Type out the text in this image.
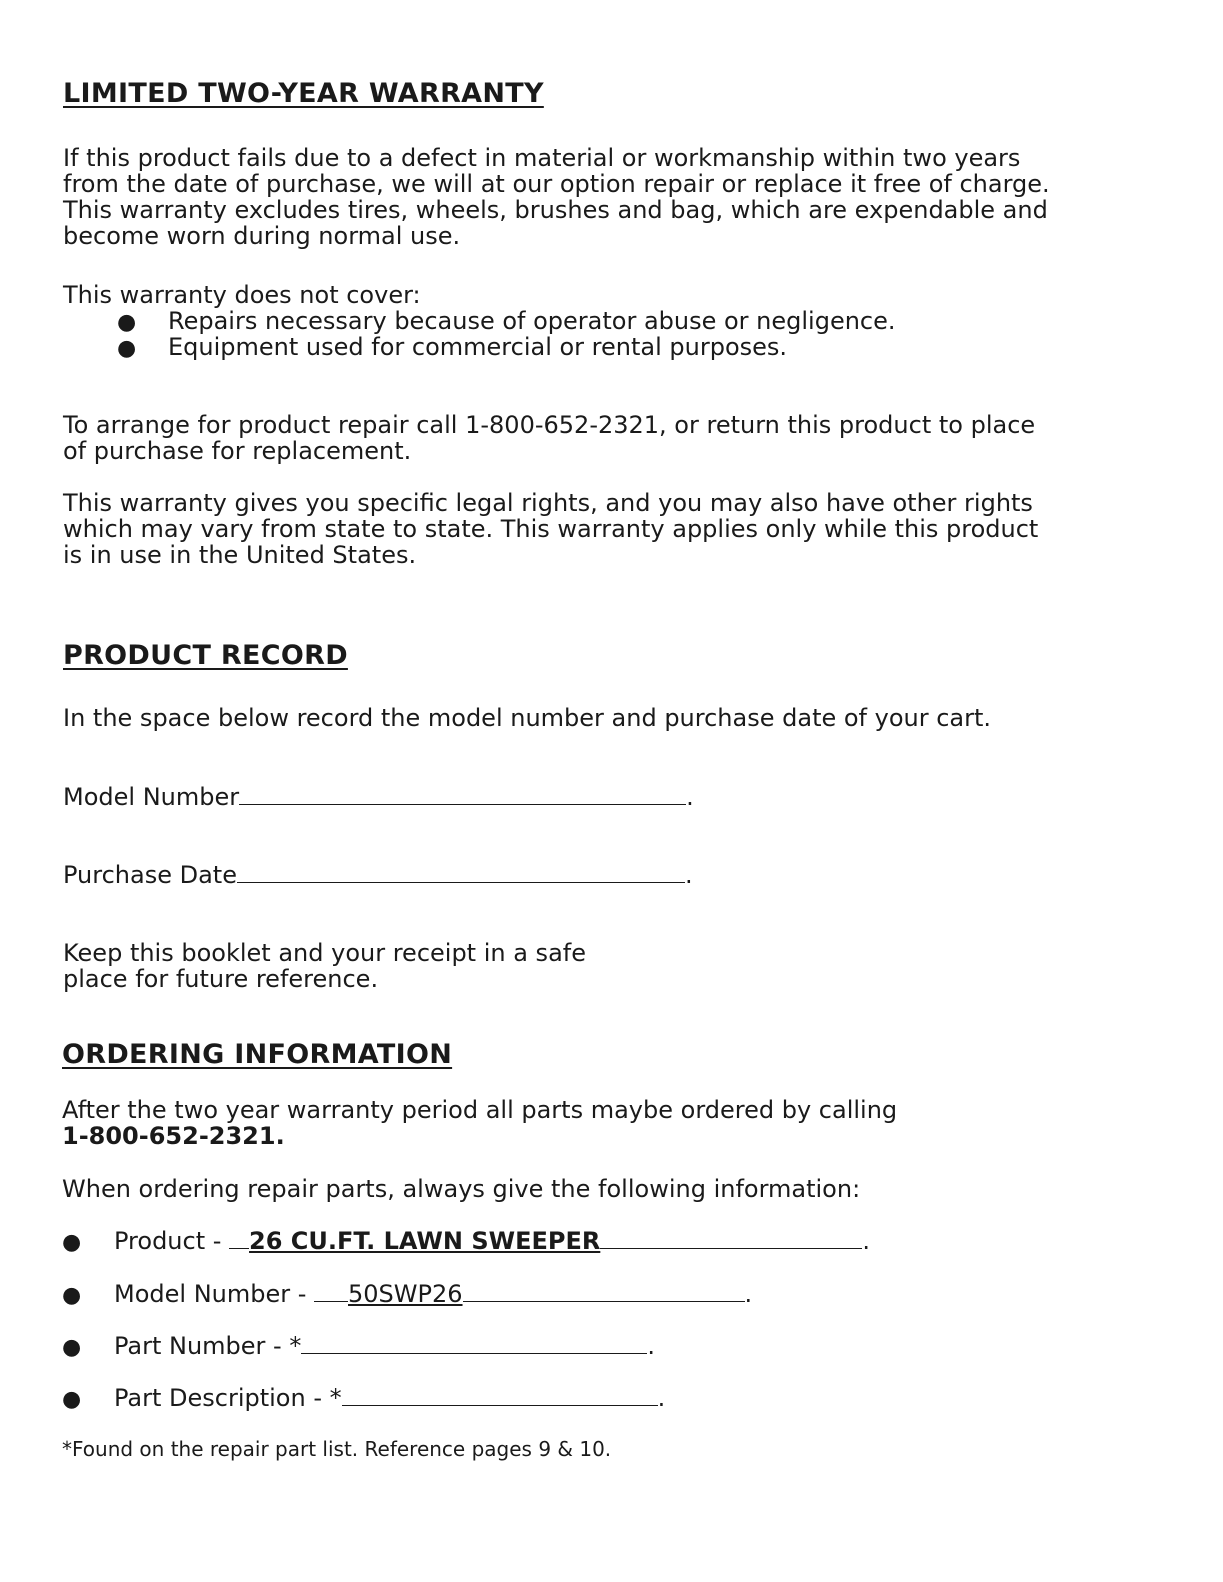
LIMITED TWO-YEAR WARRANTY
If this product fails due to a defect in material or workmanship within two years
from the date of purchase, we will at our option repair or replace it free of charge.
This warranty excludes tires, wheels, brushes and bag, which are expendable and
become worn during normal use.
This warranty does not cover:
● Repairs necessary because of operator abuse or negligence.
● Equipment used for commercial or rental purposes.
To arrange for product repair call 1-800-652-2321, or return this product to place
of purchase for replacement.
This warranty gives you specific legal rights, and you may also have other rights
which may vary from state to state. This warranty applies only while this product
is in use in the United States.
PRODUCT RECORD
In the space below record the model number and purchase date of your cart.
Model Number	.
Purchase Date	.
Keep this booklet and your receipt in a safe
place for future reference.
ORDERING INFORMATION
After the two year warranty period all parts maybe ordered by calling
1-800-652-2321.
When ordering repair parts, always give the following information:
● Product - 26 CU.FT. LAWN SWEEPER	.
● Model Number - 50SWP26	.
● Part Number - *	.
● Part Description - *	.
*Found on the repair part list. Reference pages 9 & 10.
